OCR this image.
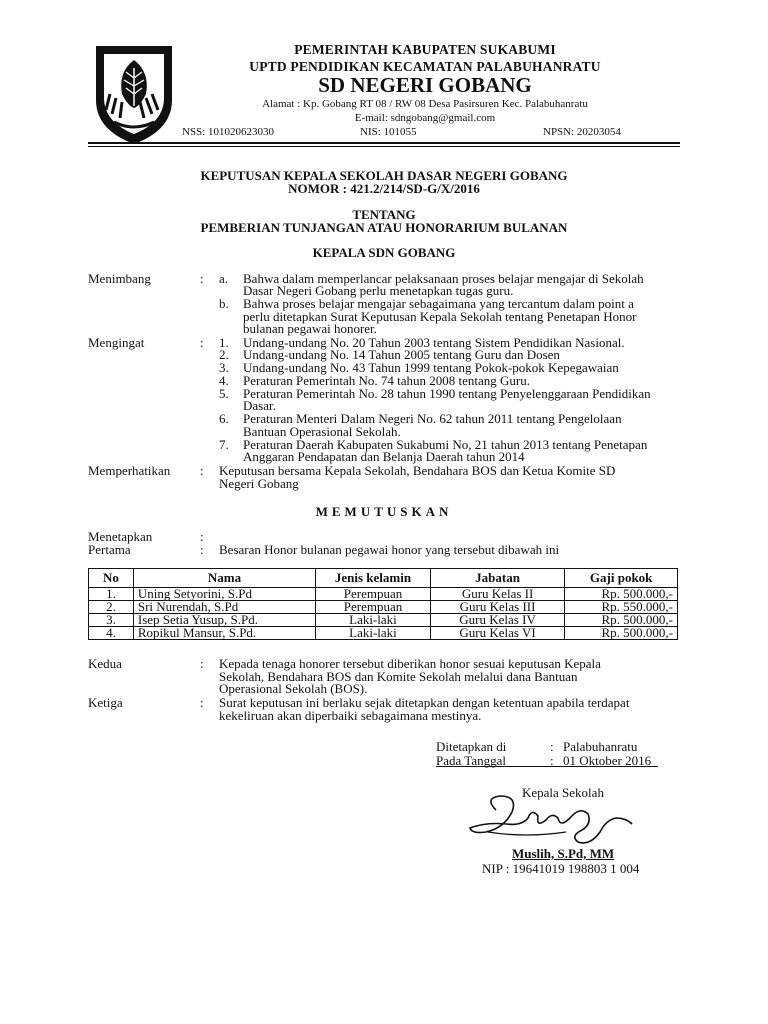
PEMERINTAH KABUPATEN SUKABUMI
UPTD PENDIDIKAN KECAMATAN PALABUHANRATU
SD NEGERI GOBANG
Alamat : Kp. Gobang RT 08 / RW 08 Desa Pasirsuren Kec. Palabuhanratu
E-mail: sdngobang@gmail.com
NSS: 101020623030	NIS: 101055	NPSN: 20203054
KEPUTUSAN KEPALA SEKOLAH DASAR NEGERI GOBANG
NOMOR : 421.2/214/SD-G/X/2016
TENTANG
PEMBERIAN TUNJANGAN ATAU HONORARIUM BULANAN
KEPALA SDN GOBANG
Menimbang	: a. Bahwa dalam memperlancar pelaksanaan proses belajar mengajar di Sekolah
Dasar Negeri Gobang perlu menetapkan tugas guru.
b. Bahwa proses belajar mengajar sebagaimana yang tercantum dalam point a
perlu ditetapkan Surat Keputusan Kepala Sekolah tentang Penetapan Honor
bulanan pegawai honorer.
Mengingat	: 1. Undang-undang No. 20 Tahun 2003 tentang Sistem Pendidikan Nasional.
2. Undang-undang No. 14 Tahun 2005 tentang Guru dan Dosen
3. Undang-undang No. 43 Tahun 1999 tentang Pokok-pokok Kepegawaian
4. Peraturan Pemerintah No. 74 tahun 2008 tentang Guru.
5. Peraturan Pemerintah No. 28 tahun 1990 tentang Penyelenggaraan Pendidikan
Dasar.
6. Peraturan Menteri Dalam Negeri No. 62 tahun 2011 tentang Pengelolaan
Bantuan Operasional Sekolah.
7. Peraturan Daerah Kabupaten Sukabumi No, 21 tahun 2013 tentang Penetapan
Anggaran Pendapatan dan Belanja Daerah tahun 2014
Memperhatikan : Keputusan bersama Kepala Sekolah, Bendahara BOS dan Ketua Komite SD
Negeri Gobang
MEMUTUSKAN
Menetapkan	:
Pertama	: Besaran Honor bulanan pegawai honor yang tersebut dibawah ini
No	Nama	Jenis kelamin	Jabatan	Gaji pokok
1.	Uning Setyorini, S.Pd	Perempuan	Guru Kelas II	Rp. 500.000,-
2.	Sri Nurendah, S.Pd	Perempuan	Guru Kelas III	Rp. 550.000,-
3.	Isep Setia Yusup, S.Pd.	Laki-laki	Guru Kelas IV	Rp. 500.000,-
4.	Ropikul Mansur, S.Pd.	Laki-laki	Guru Kelas VI	Rp. 500.000,-
Kedua	: Kepada tenaga honorer tersebut diberikan honor sesuai keputusan Kepala
Sekolah, Bendahara BOS dan Komite Sekolah melalui dana Bantuan
Operasional Sekolah (BOS).
Ketiga	: Surat keputusan ini berlaku sejak ditetapkan dengan ketentuan apabila terdapat
kekeliruan akan diperbaiki sebagaimana mestinya.
Ditetapkan di	: Palabuhanratu
Pada Tanggal	: 01 Oktober 2016
Kepala Sekolah
Muslih, S.Pd, MM
NIP : 19641019 198803 1 004
